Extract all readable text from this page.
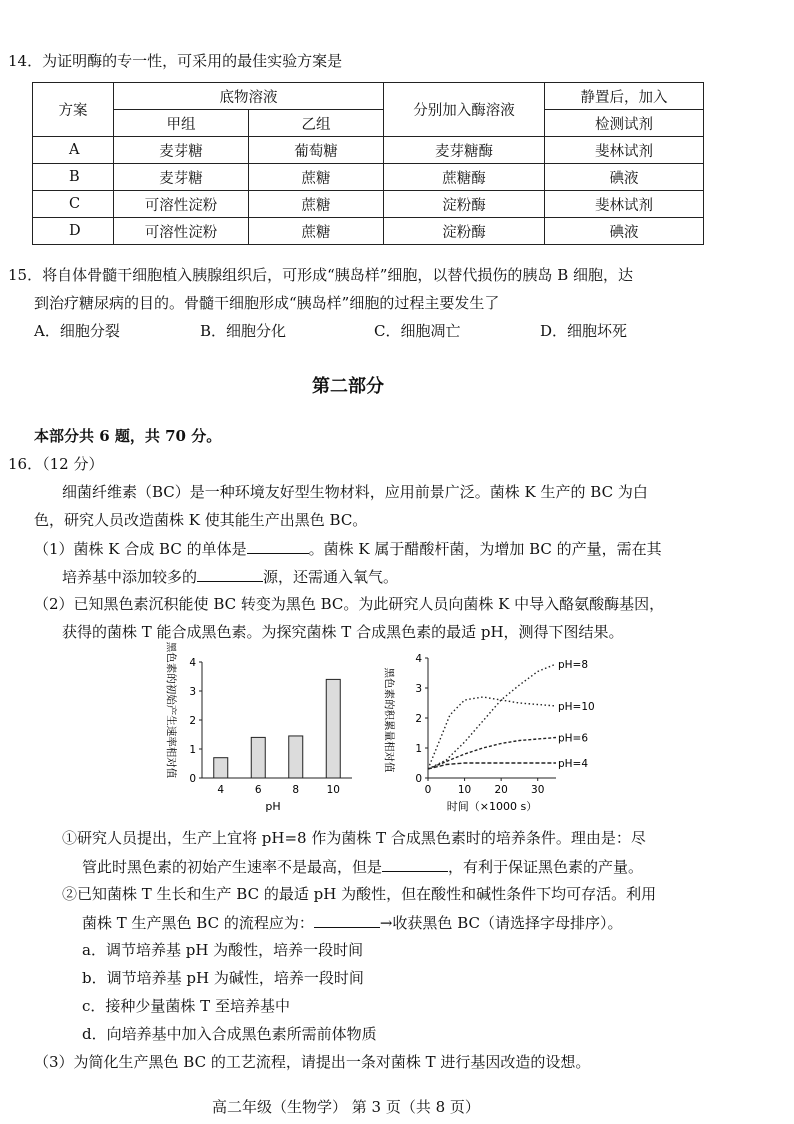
14．为证明酶的专一性，可采用的最佳实验方案是
方案	底物溶液		分别加入酶溶液	静置后，加入
	甲组	乙组		检测试剂
A	麦芽糖	葡萄糖	麦芽糖酶	斐林试剂
B	麦芽糖	蔗糖	蔗糖酶	碘液
C	可溶性淀粉	蔗糖	淀粉酶	斐林试剂
D	可溶性淀粉	蔗糖	淀粉酶	碘液
15．将自体骨髓干细胞植入胰腺组织后，可形成“胰岛样”细胞，以替代损伤的胰岛 B 细胞，达
到治疗糖尿病的目的。骨髓干细胞形成“胰岛样”细胞的过程主要发生了
A．细胞分裂	B．细胞分化	C．细胞凋亡	D．细胞坏死
第二部分
本部分共 6 题，共 70 分。
16．（12 分）
细菌纤维素（BC）是一种环境友好型生物材料，应用前景广泛。菌株 K 生产的 BC 为白
色，研究人员改造菌株 K 使其能生产出黑色 BC。
（1）菌株 K 合成 BC 的单体是	。菌株 K 属于醋酸杆菌，为增加 BC 的产量，需在其
培养基中添加较多的	源，还需通入氧气。
（2）已知黑色素沉积能使 BC 转变为黑色 BC。为此研究人员向菌株 K 中导入酪氨酸酶基因，
获得的菌株 T 能合成黑色素。为探究菌株 T 合成黑色素的最适 pH，测得下图结果。
黑色素的初始产生速率相对值
0
1
2
3
4
4	6	8	10
pH
黑色素的积累量相对值
0
1
2
3
4
0	10 20 30
pH=8
pH=10
pH=6
pH=4
时间（×1000 s）
①研究人员提出，生产上宜将 pH=8 作为菌株 T 合成黑色素时的培养条件。理由是：尽
管此时黑色素的初始产生速率不是最高，但是	，有利于保证黑色素的产量。
②已知菌株 T 生长和生产 BC 的最适 pH 为酸性，但在酸性和碱性条件下均可存活。利用
菌株 T 生产黑色 BC 的流程应为：	→收获黑色 BC（请选择字母排序）。
a．调节培养基 pH 为酸性，培养一段时间
b．调节培养基 pH 为碱性，培养一段时间
c．接种少量菌株 T 至培养基中
d．向培养基中加入合成黑色素所需前体物质
（3）为简化生产黑色 BC 的工艺流程，请提出一条对菌株 T 进行基因改造的设想。
高二年级（生物学） 第 3 页（共 8 页）
